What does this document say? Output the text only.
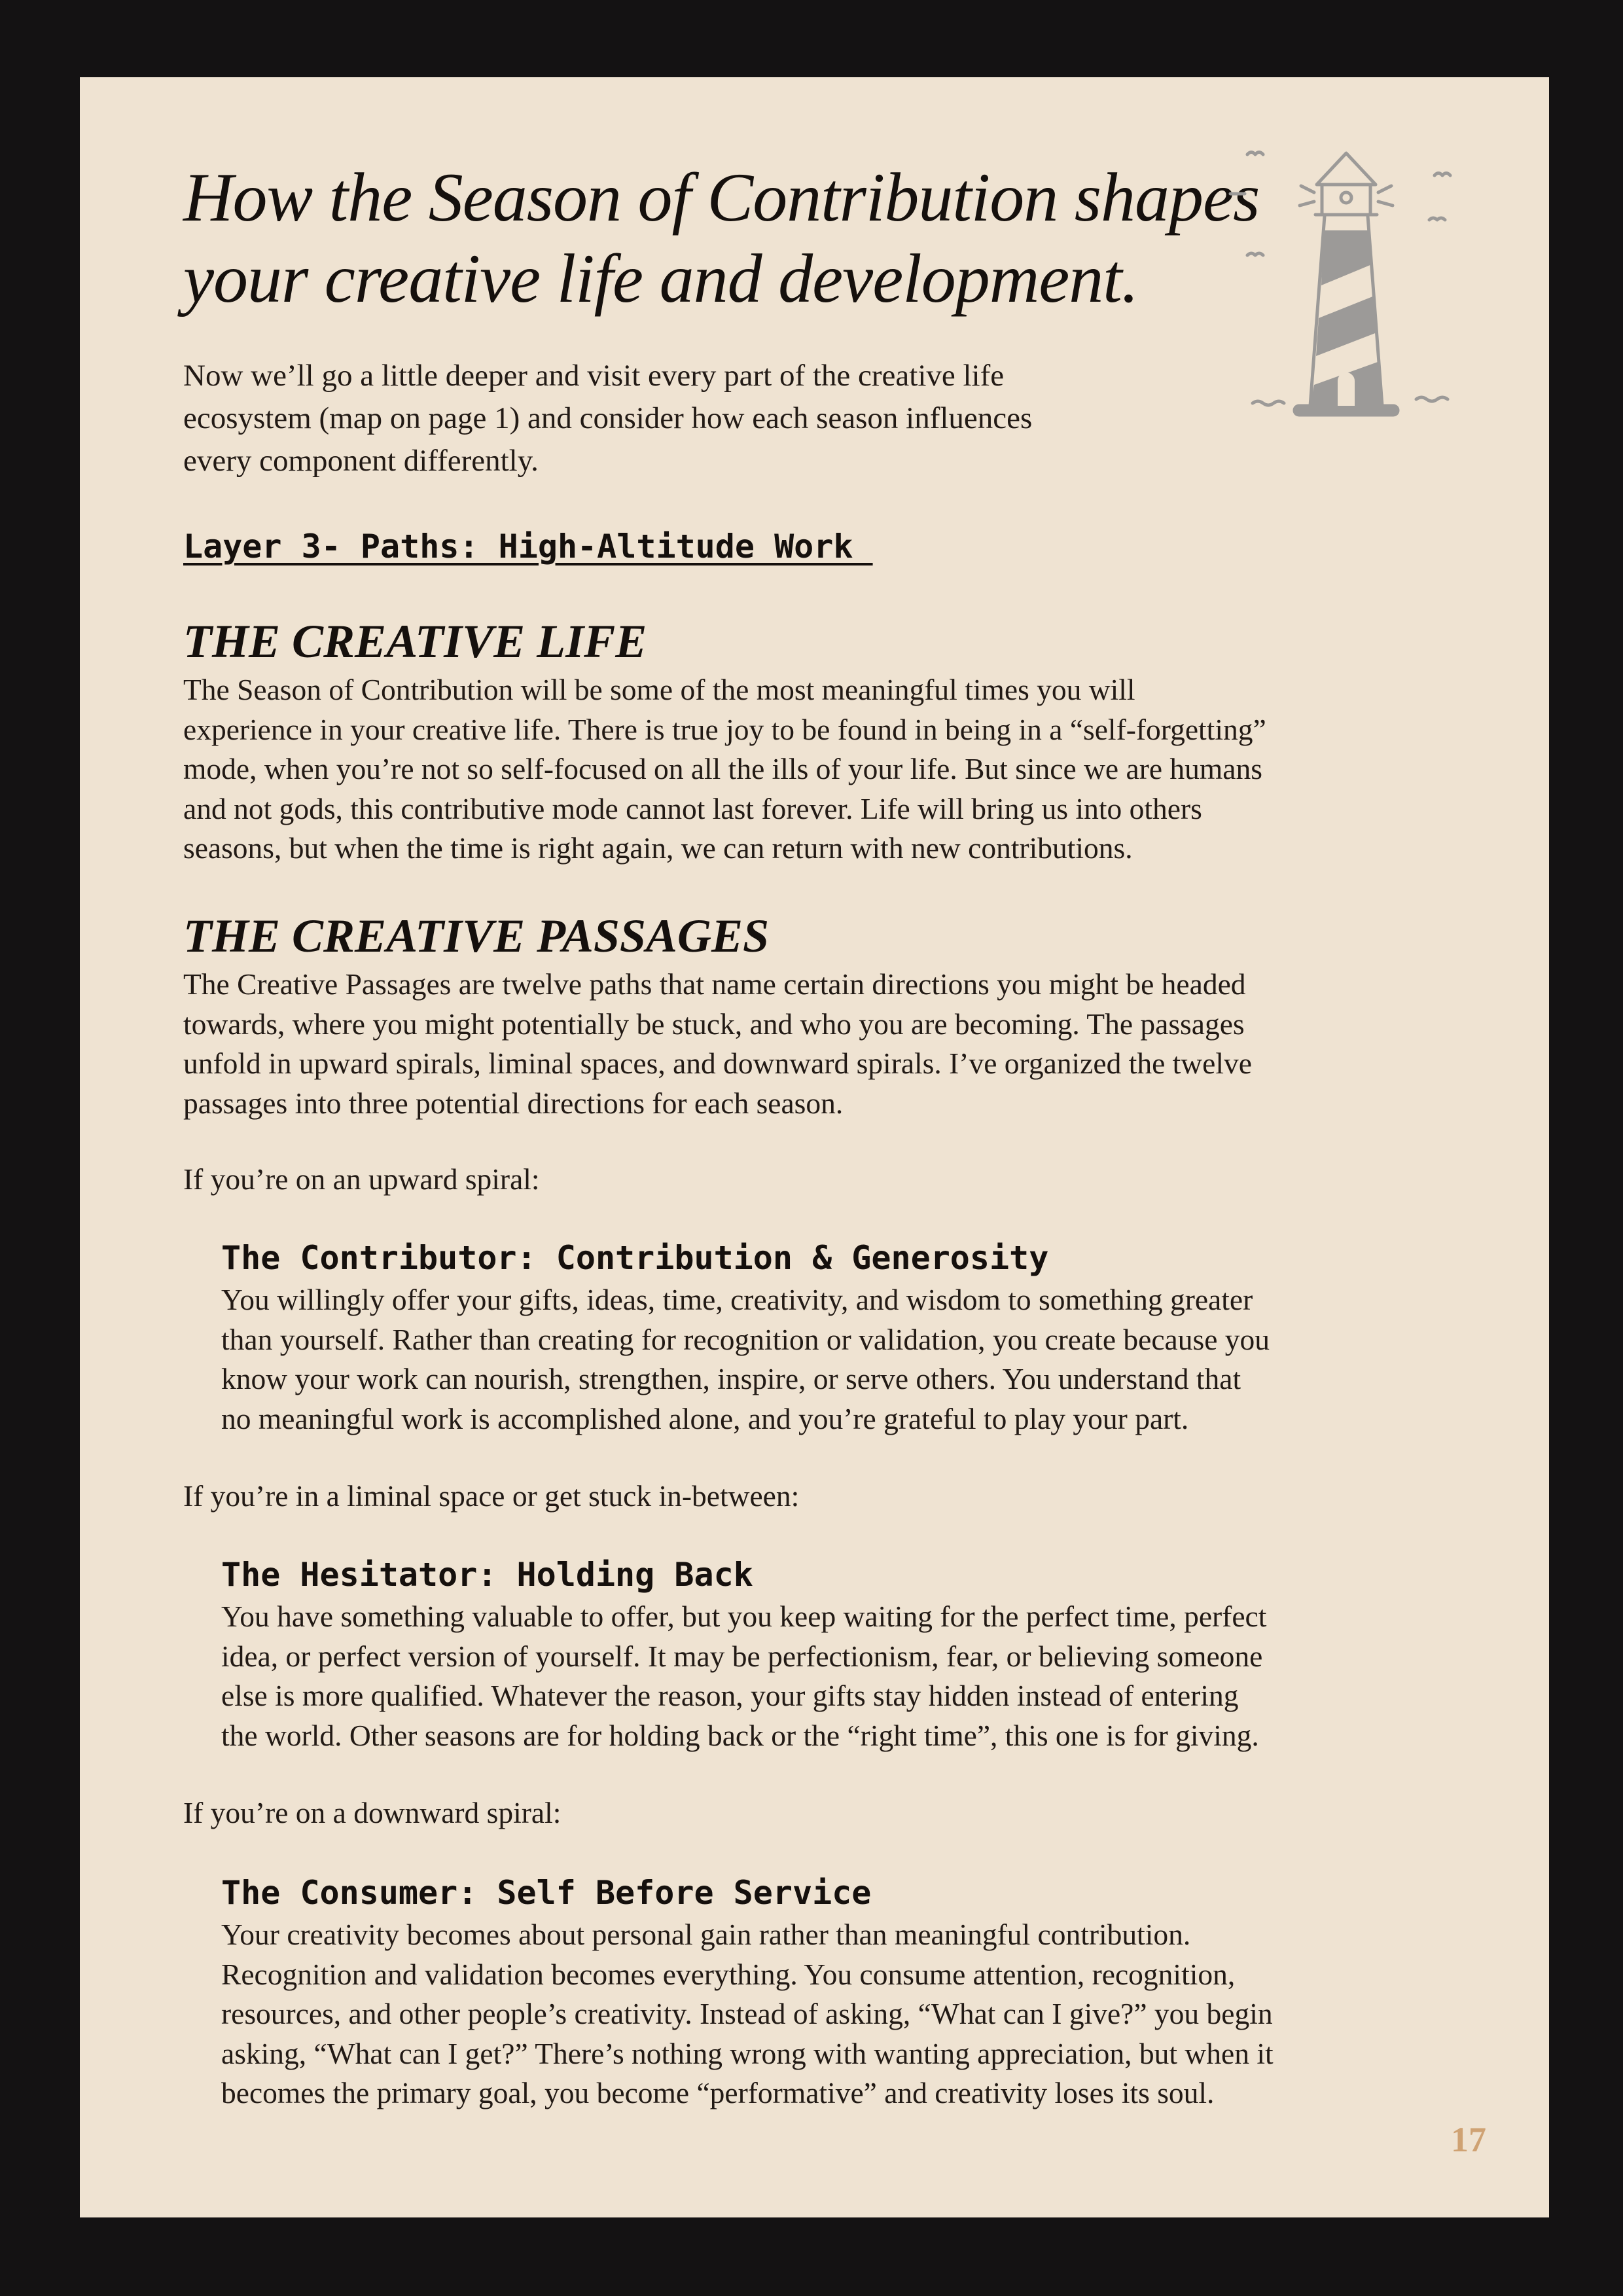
How the Season of Contribution shapes
your creative life and development.
Now we’ll go a little deeper and visit every part of the creative life
ecosystem (map on page 1) and consider how each season influences
every component differently.
Layer 3- Paths: High-Altitude Work
THE CREATIVE LIFE
The Season of Contribution will be some of the most meaningful times you will
experience in your creative life. There is true joy to be found in being in a “self-forgetting”
mode, when you’re not so self-focused on all the ills of your life. But since we are humans
and not gods, this contributive mode cannot last forever. Life will bring us into others
seasons, but when the time is right again, we can return with new contributions.
THE CREATIVE PASSAGES
The Creative Passages are twelve paths that name certain directions you might be headed
towards, where you might potentially be stuck, and who you are becoming. The passages
unfold in upward spirals, liminal spaces, and downward spirals. I’ve organized the twelve
passages into three potential directions for each season.
If you’re on an upward spiral:
The Contributor: Contribution & Generosity
You willingly offer your gifts, ideas, time, creativity, and wisdom to something greater
than yourself. Rather than creating for recognition or validation, you create because you
know your work can nourish, strengthen, inspire, or serve others. You understand that
no meaningful work is accomplished alone, and you’re grateful to play your part.
If you’re in a liminal space or get stuck in-between:
The Hesitator: Holding Back
You have something valuable to offer, but you keep waiting for the perfect time, perfect
idea, or perfect version of yourself. It may be perfectionism, fear, or believing someone
else is more qualified. Whatever the reason, your gifts stay hidden instead of entering
the world. Other seasons are for holding back or the “right time”, this one is for giving.
If you’re on a downward spiral:
The Consumer: Self Before Service
Your creativity becomes about personal gain rather than meaningful contribution.
Recognition and validation becomes everything. You consume attention, recognition,
resources, and other people’s creativity. Instead of asking, “What can I give?” you begin
asking, “What can I get?” There’s nothing wrong with wanting appreciation, but when it
becomes the primary goal, you become “performative” and creativity loses its soul.
17
